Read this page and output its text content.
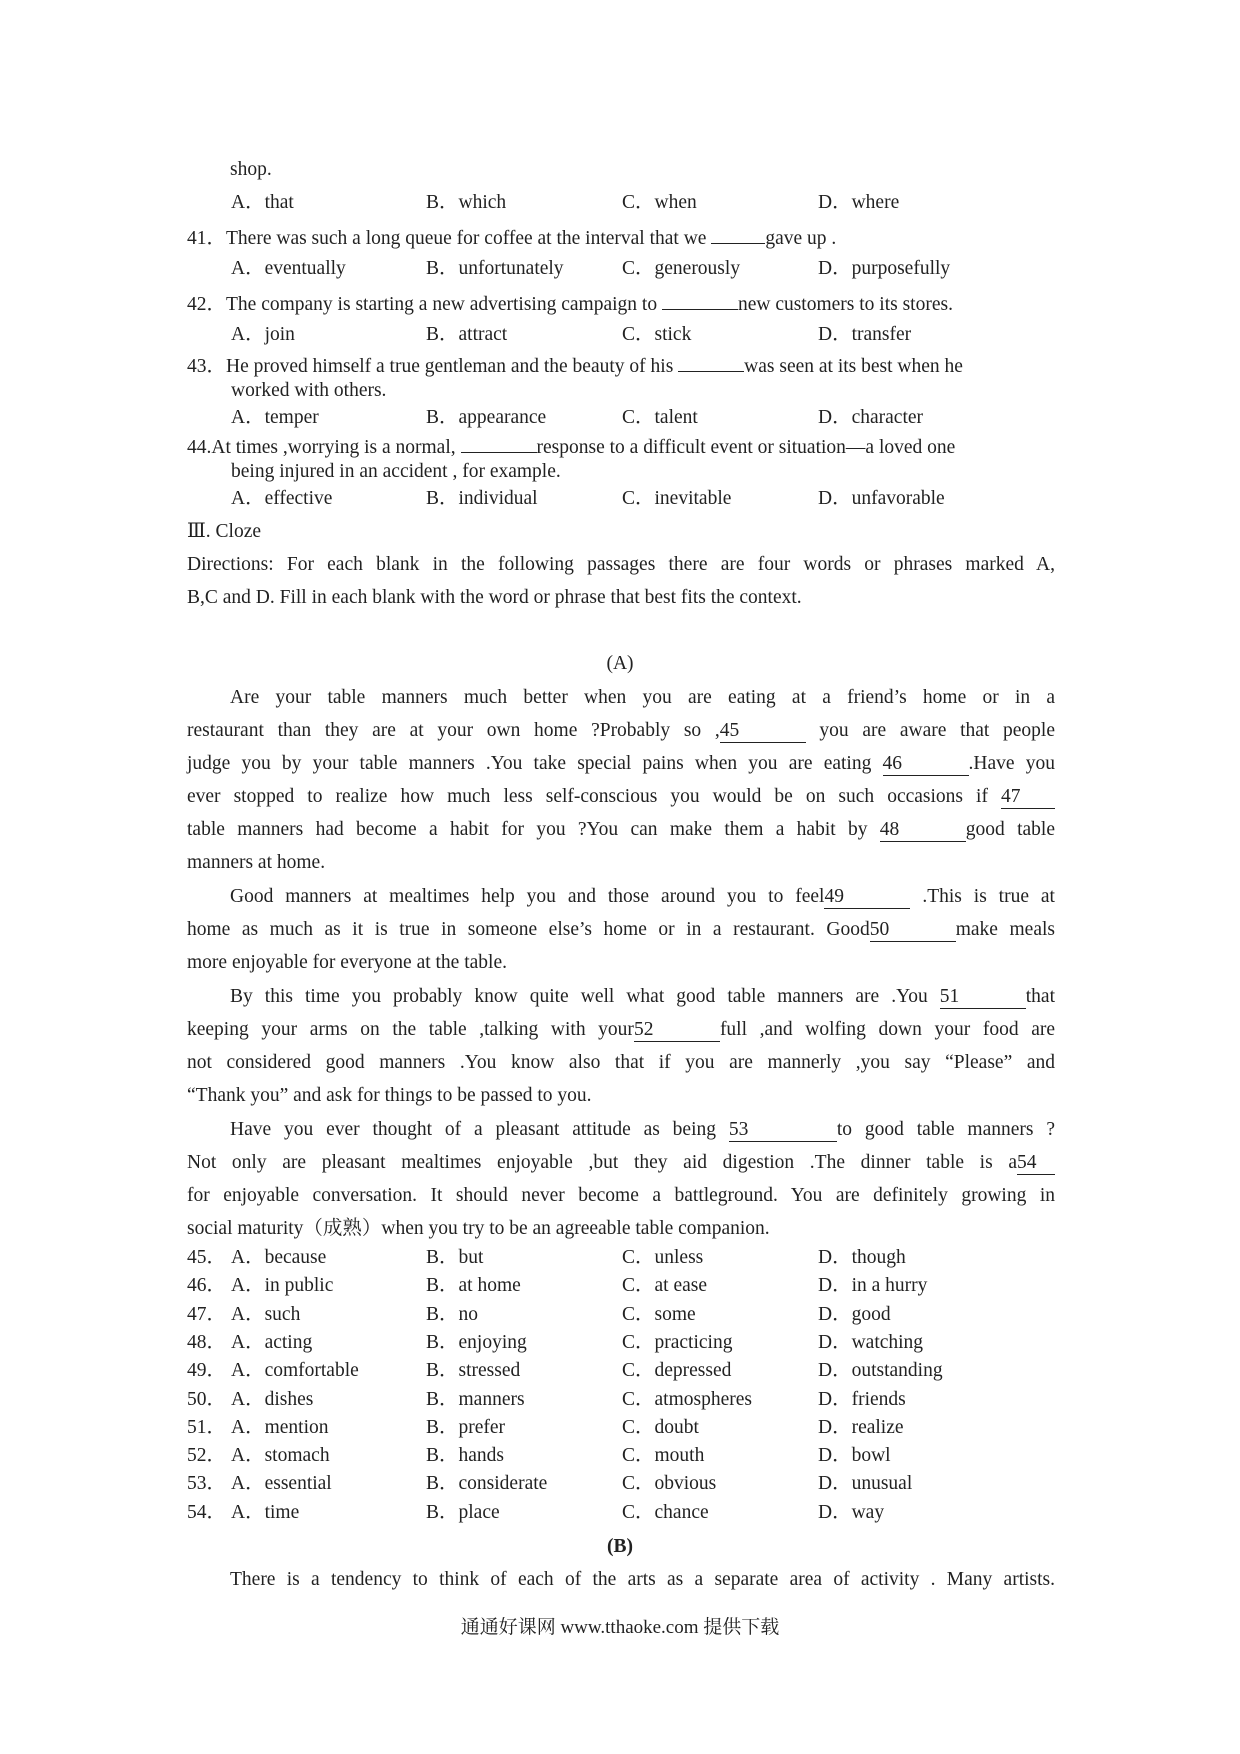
shop.
A．that	B．which	C．when	D．where
41．There was such a long queue for coffee at the interval that we	gave up .
A．eventually	B．unfortunately	C．generously	D．purposefully
42．The company is starting a new advertising campaign to	new customers to its stores.
A．join	B．attract	C．stick	D．transfer
43．He proved himself a true gentleman and the beauty of his	was seen at its best when he
worked with others.
A．temper	B．appearance	C．talent	D．character
44.At times ,worrying is a normal,	response to a difficult event or situation—a loved one
being injured in an accident , for example.
A．effective	B．individual	C．inevitable	D．unfavorable
Ⅲ. Cloze
Directions: For each blank in the following passages there are four words or phrases marked A,
B,C and D. Fill in each blank with the word or phrase that best fits the context.
(A)
Are your table manners much better when you are eating at a friend’s home or in a
restaurant than they are at your own home ?Probably so ,45	you are aware that people
judge you by your table manners .You take special pains when you are eating 46	.Have you
ever stopped to realize how much less self-conscious you would be on such occasions if 47
table manners had become a habit for you ?You can make them a habit by 48	good table
manners at home.
Good manners at mealtimes help you and those around you to feel49	.This is true at
home as much as it is true in someone else’s home or in a restaurant. Good50	make meals
more enjoyable for everyone at the table.
By this time you probably know quite well what good table manners are .You 51	that
keeping your arms on the table ,talking with your52	full ,and wolfing down your food are
not considered good manners .You know also that if you are mannerly ,you say “Please” and
“Thank you” and ask for things to be passed to you.
Have you ever thought of a pleasant attitude as being 53	to good table manners ?
Not only are pleasant mealtimes enjoyable ,but they aid digestion .The dinner table is a54
for enjoyable conversation. It should never become a battleground. You are definitely growing in
social maturity（成熟）when you try to be an agreeable table companion.
45． A．because	B．but	C．unless	D．though
46． A．in public	B．at home	C．at ease	D．in a hurry
47． A．such	B．no	C．some	D．good
48． A．acting	B．enjoying	C．practicing	D．watching
49． A．comfortable	B．stressed	C．depressed	D．outstanding
50． A．dishes	B．manners	C．atmospheres	D．friends
51． A．mention	B．prefer	C．doubt	D．realize
52． A．stomach	B．hands	C．mouth	D．bowl
53． A．essential	B．considerate	C．obvious	D．unusual
54． A．time	B．place	C．chance	D．way
(B)
There is a tendency to think of each of the arts as a separate area of activity . Many artists.
通通好课网 www.tthaoke.com 提供下载
